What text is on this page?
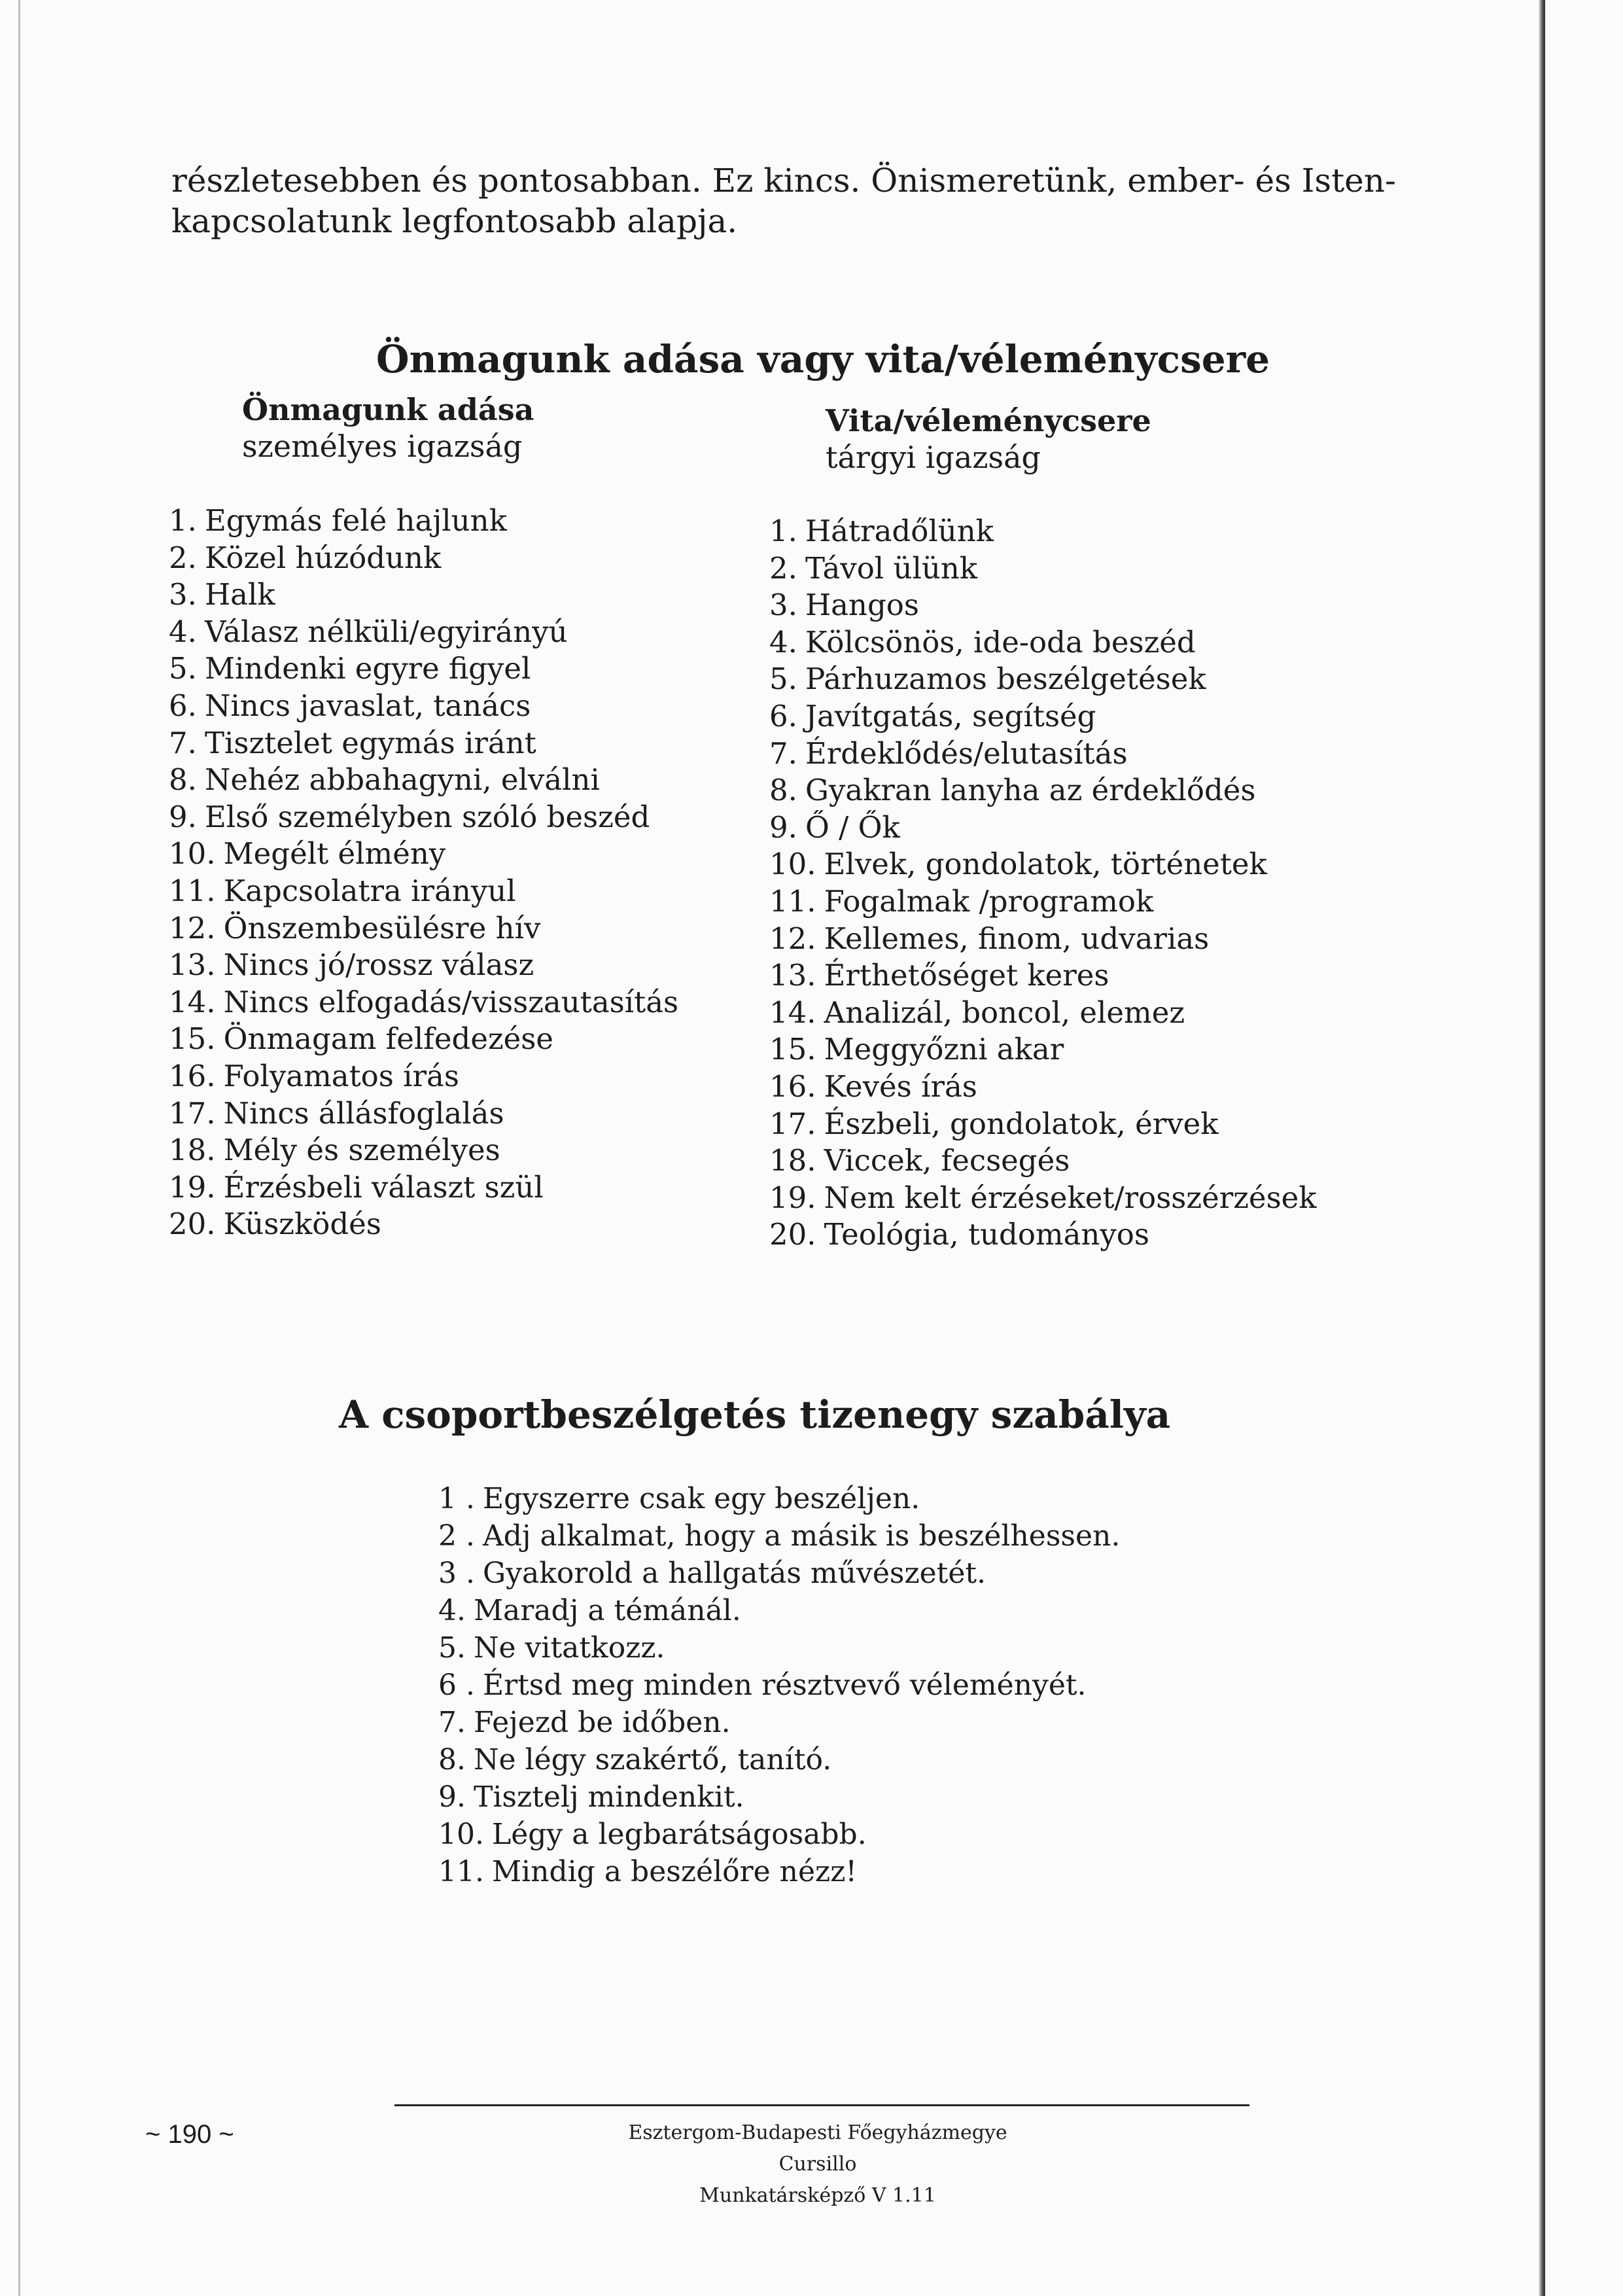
részletesebben és pontosabban. Ez kincs. Önismeretünk, ember- és Isten-
kapcsolatunk legfontosabb alapja.
Önmagunk adása vagy vita/véleménycsere
Önmagunk adása
személyes igazság
Vita/véleménycsere
tárgyi igazság
1. Egymás felé hajlunk
2. Közel húzódunk
3. Halk
4. Válasz nélküli/egyirányú
5. Mindenki egyre figyel
6. Nincs javaslat, tanács
7. Tisztelet egymás iránt
8. Nehéz abbahagyni, elválni
9. Első személyben szóló beszéd
10. Megélt élmény
11. Kapcsolatra irányul
12. Önszembesülésre hív
13. Nincs jó/rossz válasz
14. Nincs elfogadás/visszautasítás
15. Önmagam felfedezése
16. Folyamatos írás
17. Nincs állásfoglalás
18. Mély és személyes
19. Érzésbeli választ szül
20. Küszködés
1. Hátradőlünk
2. Távol ülünk
3. Hangos
4. Kölcsönös, ide-oda beszéd
5. Párhuzamos beszélgetések
6. Javítgatás, segítség
7. Érdeklődés/elutasítás
8. Gyakran lanyha az érdeklődés
9. Ő / Ők
10. Elvek, gondolatok, történetek
11. Fogalmak /programok
12. Kellemes, finom, udvarias
13. Érthetőséget keres
14. Analizál, boncol, elemez
15. Meggyőzni akar
16. Kevés írás
17. Észbeli, gondolatok, érvek
18. Viccek, fecsegés
19. Nem kelt érzéseket/rosszérzések
20. Teológia, tudományos
A csoportbeszélgetés tizenegy szabálya
1 . Egyszerre csak egy beszéljen.
2 . Adj alkalmat, hogy a másik is beszélhessen.
3 . Gyakorold a hallgatás művészetét.
4. Maradj a témánál.
5. Ne vitatkozz.
6 . Értsd meg minden résztvevő véleményét.
7. Fejezd be időben.
8. Ne légy szakértő, tanító.
9. Tisztelj mindenkit.
10. Légy a legbarátságosabb.
11. Mindig a beszélőre nézz!
~ 190 ~	Esztergom-Budapesti Főegyházmegye Cursillo
Munkatársképző V 1.11
